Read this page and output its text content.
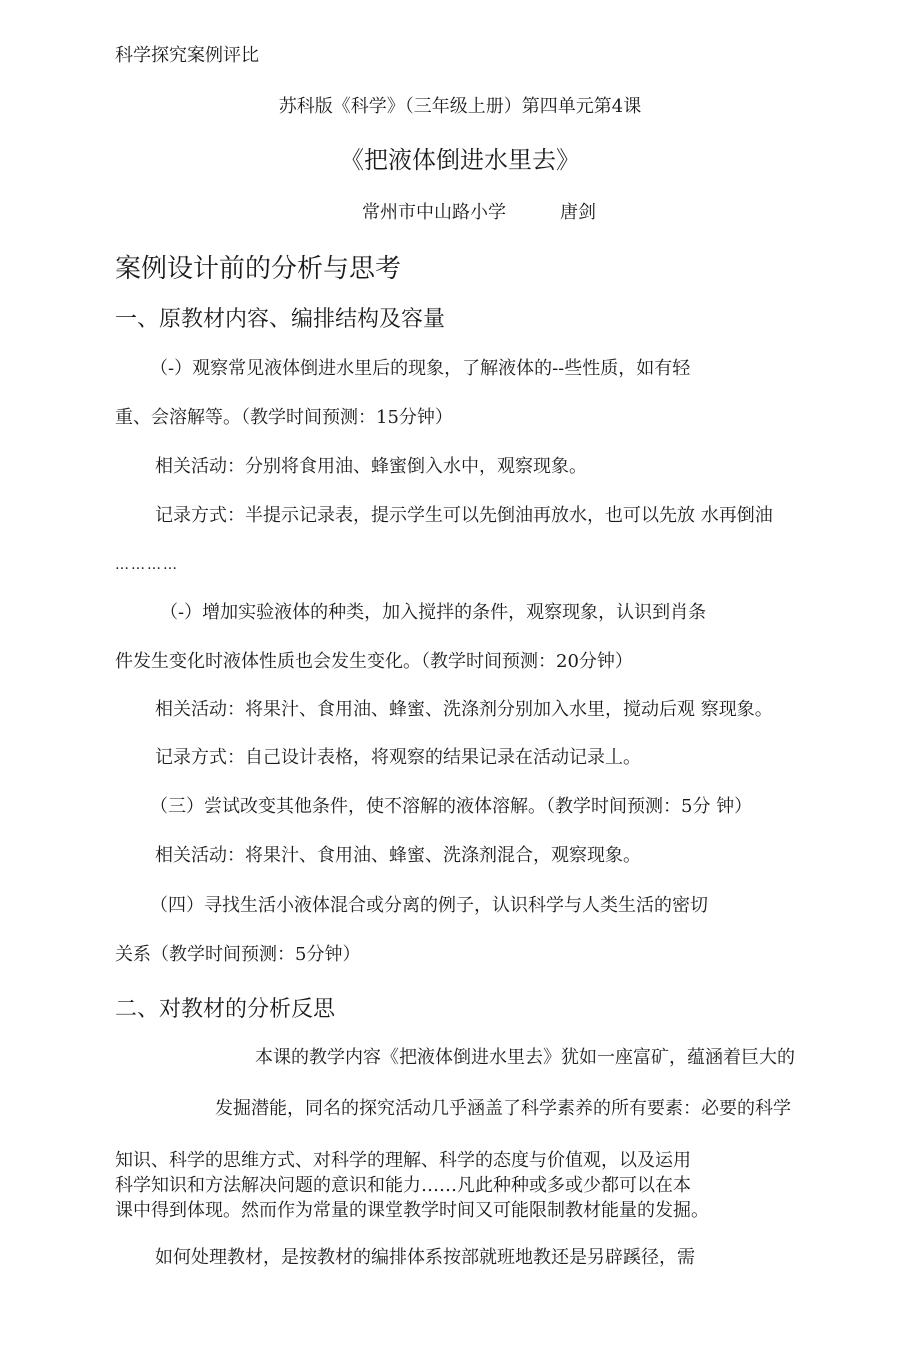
科学探究案例评比
苏科版《科学》（三年级上册）第四单元第4课
《把液体倒进水里去》
常州市中山路小学	唐剑
案例设计前的分析与思考
一、原教材内容、编排结构及容量
（-）观察常见液体倒进水里后的现象，了解液体的--些性质，如有轻
重、会溶解等。（教学时间预测：15分钟）
相关活动：分别将食用油、蜂蜜倒入水中，观察现象。
记录方式：半提示记录表，提示学生可以先倒油再放水，也可以先放 水再倒油
…………
（-）增加实验液体的种类，加入搅拌的条件，观察现象，认识到肖条
件发生变化时液体性质也会发生变化。（教学时间预测：20分钟）
相关活动：将果汁、食用油、蜂蜜、洗涤剂分别加入水里，搅动后观 察现象。
记录方式：自己设计表格，将观察的结果记录在活动记录丄。
（三）尝试改变其他条件，使不溶解的液体溶解。（教学时间预测：5分 钟）
相关活动：将果汁、食用油、蜂蜜、洗涤剂混合，观察现象。
（四）寻找生活小液体混合或分离的例子，认识科学与人类生活的密切
关系（教学时间预测：5分钟）
二、对教材的分析反思
本课的教学内容《把液体倒进水里去》犹如一座富矿，蕴涵着巨大的
发掘潜能，同名的探究活动几乎涵盖了科学素养的所有要素：必要的科学
知识、科学的思维方式、对科学的理解、科学的态度与价值观，以及运用
科学知识和方法解决问题的意识和能力……凡此种种或多或少都可以在本
课中得到体现。然而作为常量的课堂教学时间又可能限制教材能量的发掘。
如何处理教材，是按教材的编排体系按部就班地教还是另辟蹊径，需
